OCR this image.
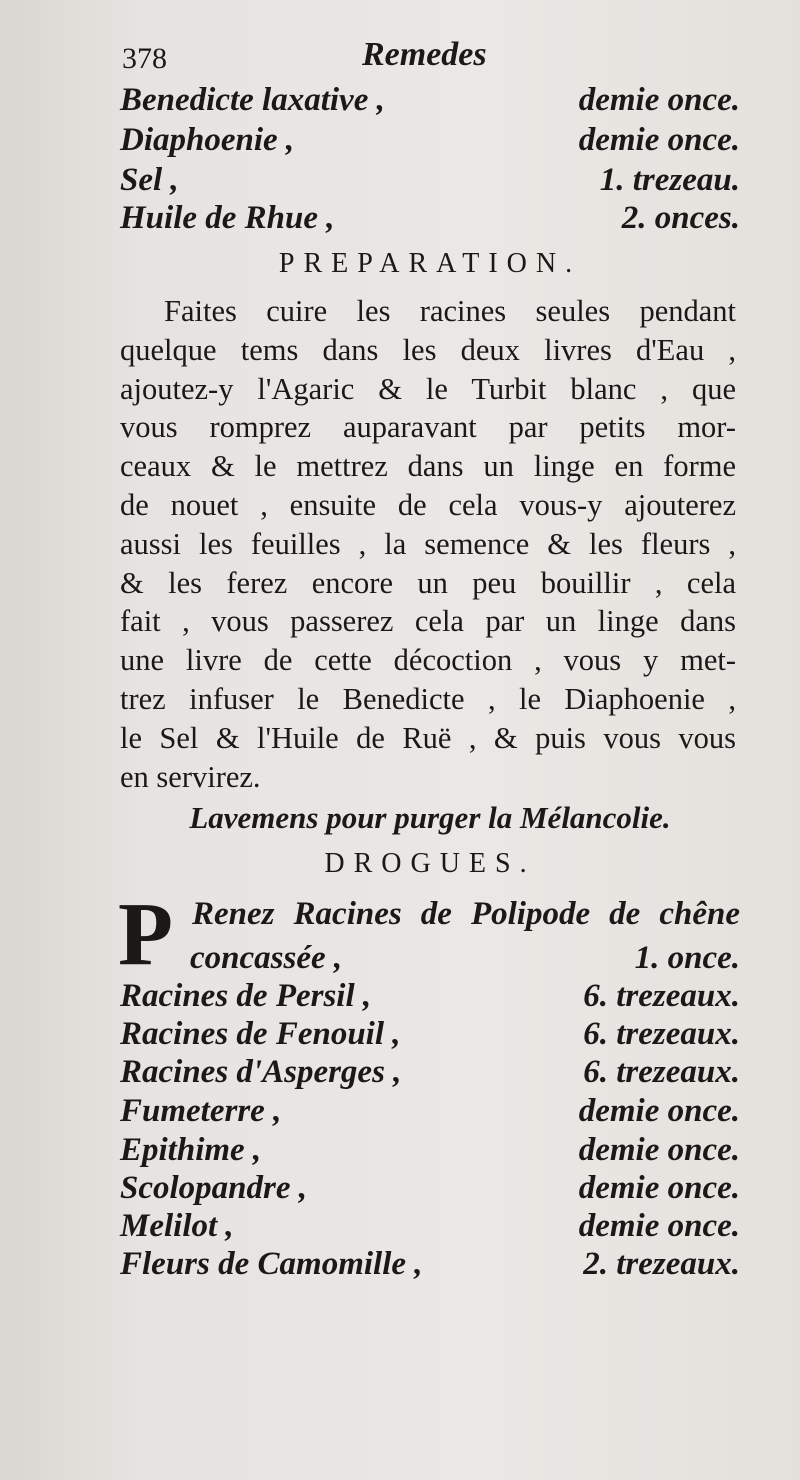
378	Remedes
Benedicte laxative ,	demie once.
Diaphoenie ,	demie once.
Sel ,	1. trezeau.
Huile de Rhue ,	2. onces.
PREPARATION.
Faites cuire les racines seules pendant
quelque tems dans les deux livres d'Eau ,
ajoutez-y l'Agaric & le Turbit blanc , que
vous romprez auparavant par petits mor-
ceaux & le mettrez dans un linge en forme
de nouet , ensuite de cela vous-y ajouterez
aussi les feuilles , la semence & les fleurs ,
& les ferez encore un peu bouillir , cela
fait , vous passerez cela par un linge dans
une livre de cette décoction , vous y met-
trez infuser le Benedicte , le Diaphoenie ,
le Sel & l'Huile de Ruë , & puis vous vous
en servirez.
Lavemens pour purger la Mélancolie.
DROGUES.
P Renez Racines de Polipode de chêne
concassée ,	1. once.
Racines de Persil ,	6. trezeaux.
Racines de Fenouil ,	6. trezeaux.
Racines d'Asperges ,	6. trezeaux.
Fumeterre ,	demie once.
Epithime ,	demie once.
Scolopandre ,	demie once.
Melilot ,	demie once.
Fleurs de Camomille ,	2. trezeaux.
